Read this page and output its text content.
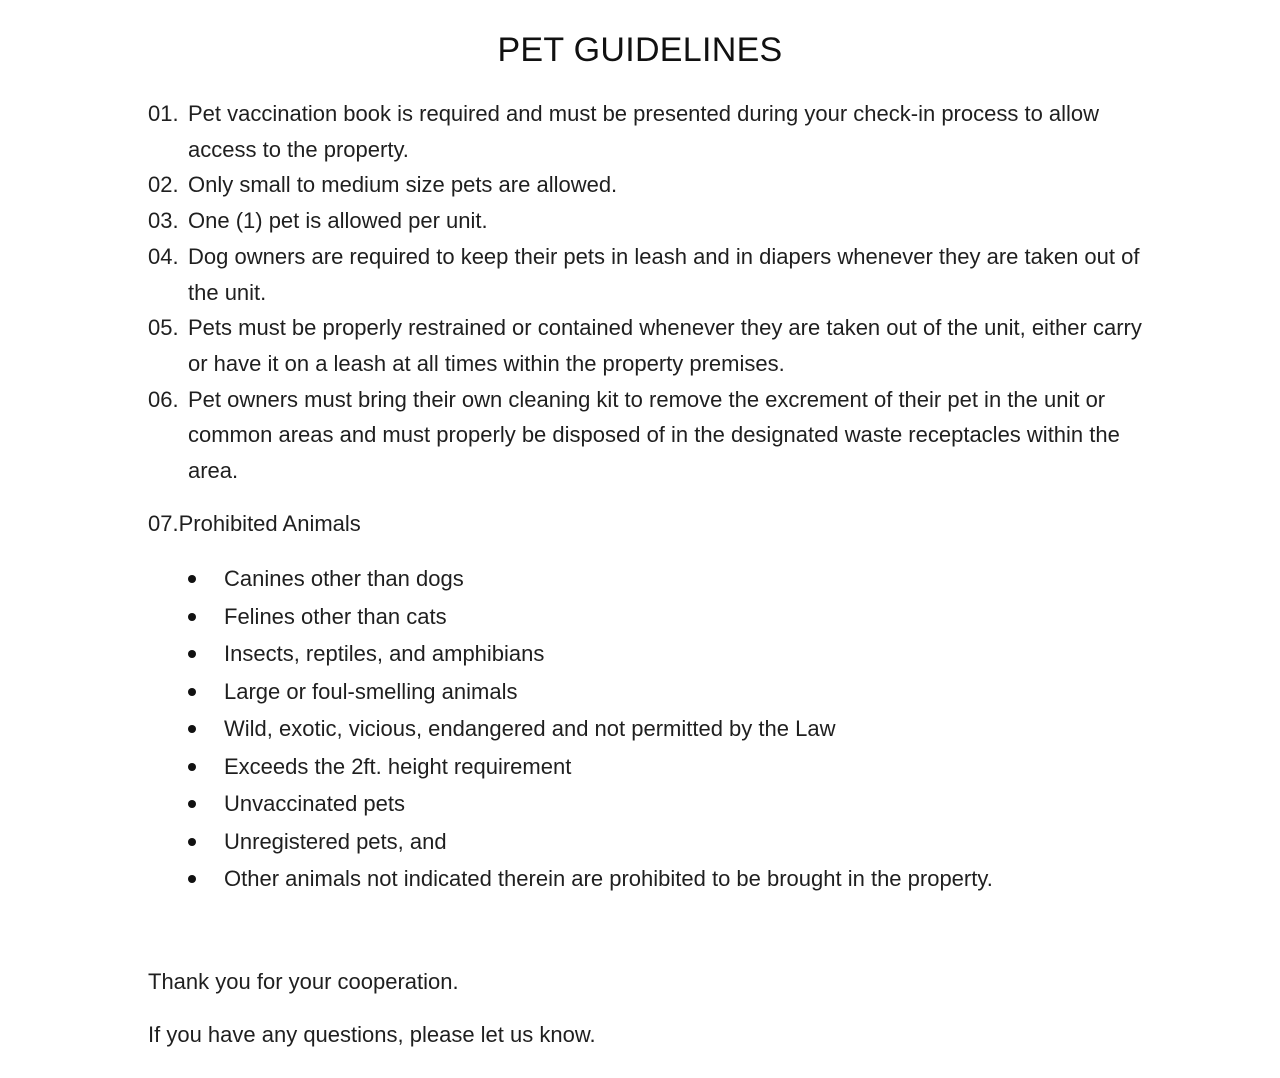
PET GUIDELINES
01. Pet vaccination book is required and must be presented during your check-in process to allow access to the property.
02. Only small to medium size pets are allowed.
03. One (1) pet is allowed per unit.
04. Dog owners are required to keep their pets in leash and in diapers whenever they are taken out of the unit.
05. Pets must be properly restrained or contained whenever they are taken out of the unit, either carry or have it on a leash at all times within the property premises.
06. Pet owners must bring their own cleaning kit to remove the excrement of their pet in the unit or common areas and must properly be disposed of in the designated waste receptacles within the area.
07.Prohibited Animals
Canines other than dogs
Felines other than cats
Insects, reptiles, and amphibians
Large or foul-smelling animals
Wild, exotic, vicious, endangered and not permitted by the Law
Exceeds the 2ft. height requirement
Unvaccinated pets
Unregistered pets, and
Other animals not indicated therein are prohibited to be brought in the property.

Thank you for your cooperation.

If you have any questions, please let us know.
